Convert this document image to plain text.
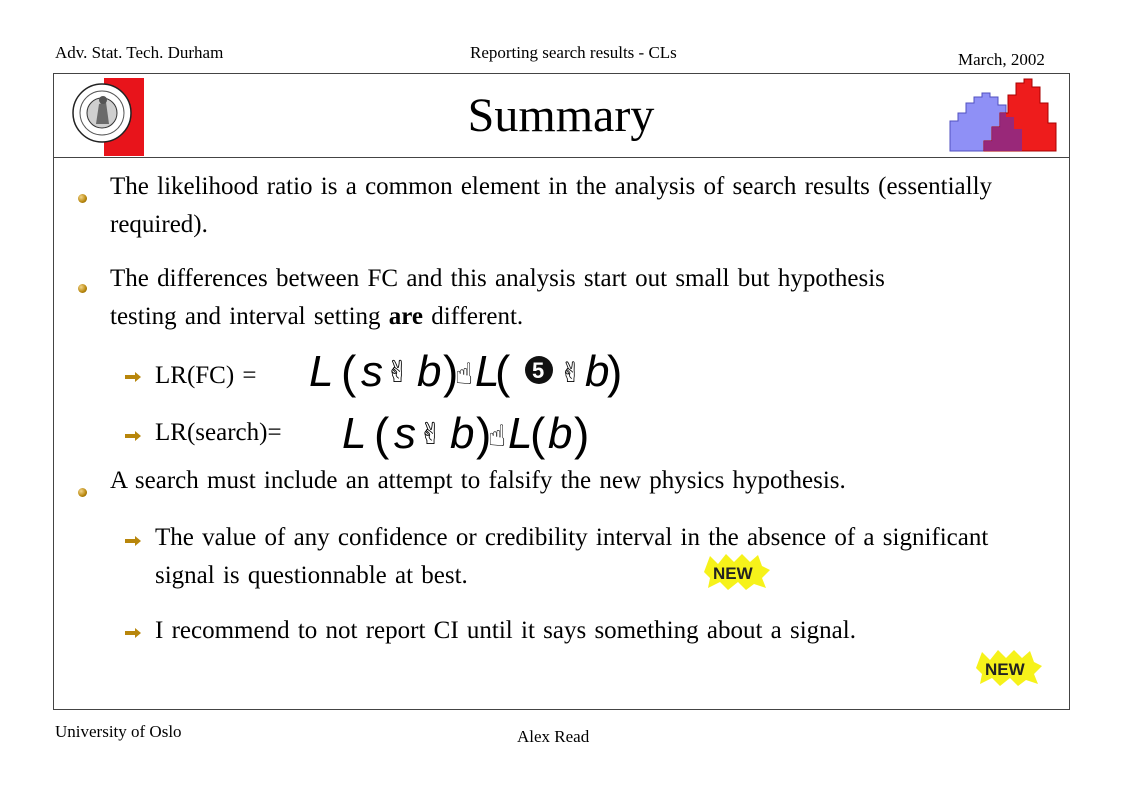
Adv. Stat. Tech. Durham	Reporting search results - CLs	March, 2002
Summary
The likelihood ratio is a common element in the analysis of search results (essentially required).
The differences between FC and this analysis start out small but hypothesis testing and interval setting are different.
LR(FC) = L ( s ✌ b )
☝ L
( 5 ✌ b
)
LR(search)= L ( s ✌ b )
☝ L
( b )
A search must include an attempt to falsify the new physics hypothesis.
The value of any confidence or credibility interval in the absence of a significant signal is questionnable at best.	NEW
I recommend to not report CI until it says something about a signal.
NEW
University of Oslo	Alex Read
